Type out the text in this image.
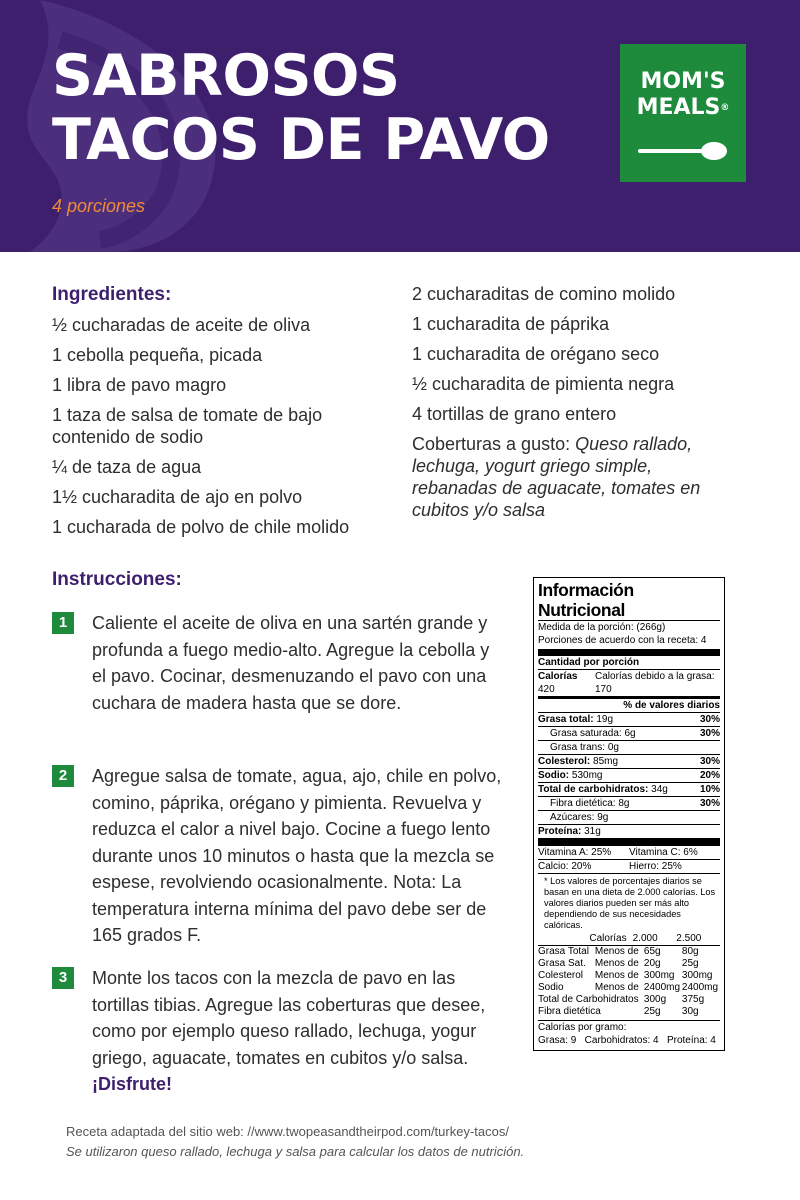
SABROSOS
TACOS DE PAVO
4 porciones
MOM'S
MEALS®
Ingredientes:
½ cucharadas de aceite de oliva
1 cebolla pequeña, picada
1 libra de pavo magro
1 taza de salsa de tomate de bajo contenido de sodio
¼ de taza de agua
1½ cucharadita de ajo en polvo
1 cucharada de polvo de chile molido
2 cucharaditas de comino molido
1 cucharadita de páprika
1 cucharadita de orégano seco
½ cucharadita de pimienta negra
4 tortillas de grano entero
Coberturas a gusto: Queso rallado, lechuga, yogurt griego simple, rebanadas de aguacate, tomates en cubitos y/o salsa
Instrucciones:
1	Caliente el aceite de oliva en una sartén grande y profunda a fuego medio-alto. Agregue la cebolla y el pavo. Cocinar, desmenuzando el pavo con una cuchara de madera hasta que se dore.
2	Agregue salsa de tomate, agua, ajo, chile en polvo, comino, páprika, orégano y pimienta. Revuelva y reduzca el calor a nivel bajo. Cocine a fuego lento durante unos 10 minutos o hasta que la mezcla se espese, revolviendo ocasionalmente. Nota: La temperatura interna mínima del pavo debe ser de 165 grados F.
3	Monte los tacos con la mezcla de pavo en las tortillas tibias. Agregue las coberturas que desee, como por ejemplo queso rallado, lechuga, yogur griego, aguacate, tomates en cubitos y/o salsa. ¡Disfrute!
Información Nutricional
Medida de la porción: (266g)
Porciones de acuerdo con la receta: 4
Cantidad por porción
Calorías 420
Calorías debido a la grasa: 170
% de valores diarios
Grasa total: 19g	30%
Grasa saturada: 6g	30%
Grasa trans: 0g
Colesterol: 85mg	30%
Sodio: 530mg	20%
Total de carbohidratos: 34g	10%
Fibra dietética: 8g	30%
Azúcares: 9g
Proteína: 31g
Vitamina A: 25%	Vitamina C: 6%
Calcio: 20%	Hierro: 25%
* Los valores de porcentajes diarios se basan en una dieta de 2.000 calorías. Los valores diarios pueden ser más alto dependiendo de sus necesidades calóricas.
Calorías	2.000	2.500
Grasa Total	Menos de	65g	80g
Grasa Sat.	Menos de	20g	25g
Colesterol	Menos de	300mg	300mg
Sodio	Menos de	2400mg	2400mg
Total de Carbohidratos		300g	375g
Fibra dietética		25g	30g
Calorías por gramo:
Grasa: 9   Carbohidratos: 4   Proteína: 4
Receta adaptada del sitio web: //www.twopeasandtheirpod.com/turkey-tacos/
Se utilizaron queso rallado, lechuga y salsa para calcular los datos de nutrición.
